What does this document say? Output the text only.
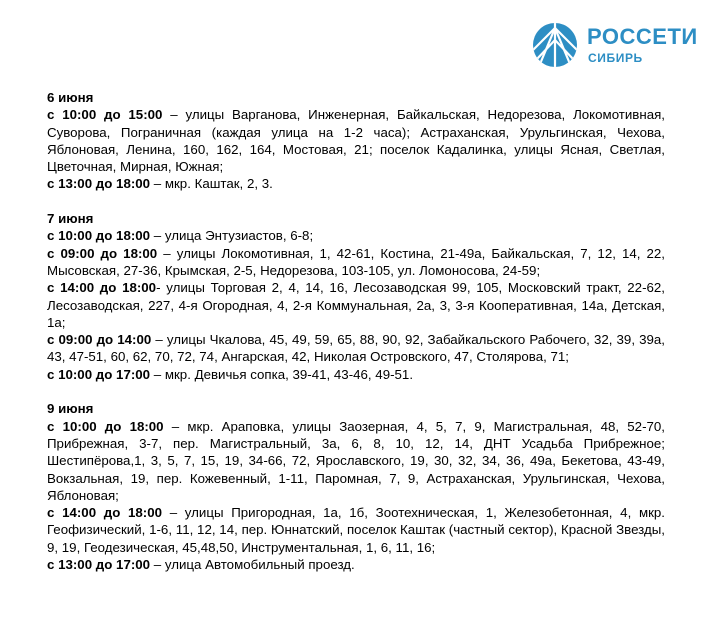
РОССЕТИ
СИБИРЬ
6 июня
с 10:00 до 15:00 – улицы Варганова, Инженерная, Байкальская, Недорезова, Локомотивная, Суворова, Пограничная (каждая улица на 1-2 часа); Астраханская, Урульгинская, Чехова, Яблоновая, Ленина, 160, 162, 164, Мостовая, 21; поселок Кадалинка, улицы Ясная, Светлая, Цветочная, Мирная, Южная;
с 13:00 до 18:00 – мкр. Каштак, 2, 3.
7 июня
с 10:00 до 18:00 – улица Энтузиастов, 6-8;
с 09:00 до 18:00 – улицы Локомотивная, 1, 42-61, Костина, 21-49а, Байкальская, 7, 12, 14, 22, Мысовская, 27-36, Крымская, 2-5, Недорезова, 103-105, ул. Ломоносова, 24-59;
с 14:00 до 18:00- улицы Торговая 2, 4, 14, 16, Лесозаводская 99, 105, Московский тракт, 22-62, Лесозаводская, 227, 4-я Огородная, 4, 2-я Коммунальная, 2а, 3, 3-я Кооперативная, 14а, Детская, 1а;
с 09:00 до 14:00 – улицы Чкалова, 45, 49, 59, 65, 88, 90, 92, Забайкальского Рабочего, 32, 39, 39а, 43, 47-51, 60, 62, 70, 72, 74, Ангарская, 42, Николая Островского, 47, Столярова, 71;
с 10:00 до 17:00 – мкр. Девичья сопка, 39-41, 43-46, 49-51.
9 июня
с 10:00 до 18:00 – мкр. Араповка, улицы Заозерная, 4, 5, 7, 9, Магистральная, 48, 52-70, Прибрежная, 3-7, пер. Магистральный, 3а, 6, 8, 10, 12, 14, ДНТ Усадьба Прибрежное; Шестипёрова,1, 3, 5, 7, 15, 19, 34-66, 72, Ярославского, 19, 30, 32, 34, 36, 49а, Бекетова, 43-49, Вокзальная, 19, пер. Кожевенный, 1-11, Паромная, 7, 9, Астраханская, Урульгинская, Чехова, Яблоновая;
с 14:00 до 18:00 – улицы Пригородная, 1а, 1б, Зоотехническая, 1, Железобетонная, 4, мкр. Геофизический, 1-6, 11, 12, 14, пер. Юннатский, поселок Каштак (частный сектор), Красной Звезды, 9, 19, Геодезическая, 45,48,50, Инструментальная, 1, 6, 11, 16;
с 13:00 до 17:00 – улица Автомобильный проезд.
